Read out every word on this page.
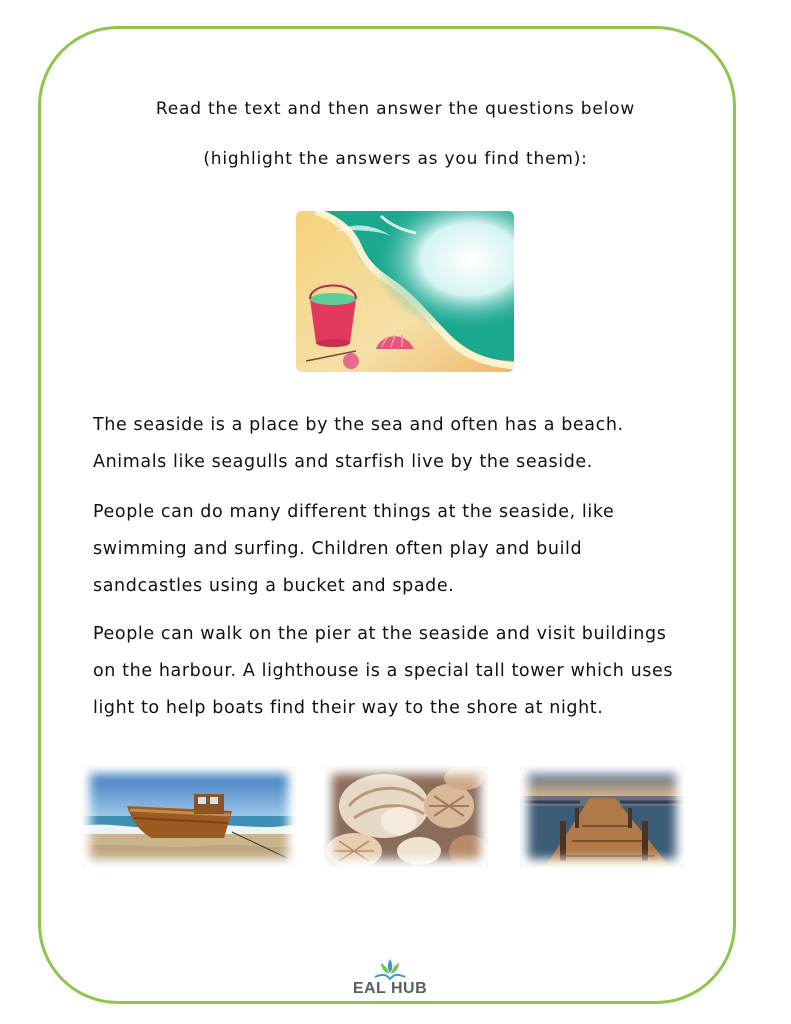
Read the text and then answer the questions below
(highlight the answers as you find them):
The seaside is a place by the sea and often has a beach.
Animals like seagulls and starfish live by the seaside.
People can do many different things at the seaside, like
swimming and surfing. Children often play and build
sandcastles using a bucket and spade.
People can walk on the pier at the seaside and visit buildings
on the harbour. A lighthouse is a special tall tower which uses
light to help boats find their way to the shore at night.
EAL HUB
